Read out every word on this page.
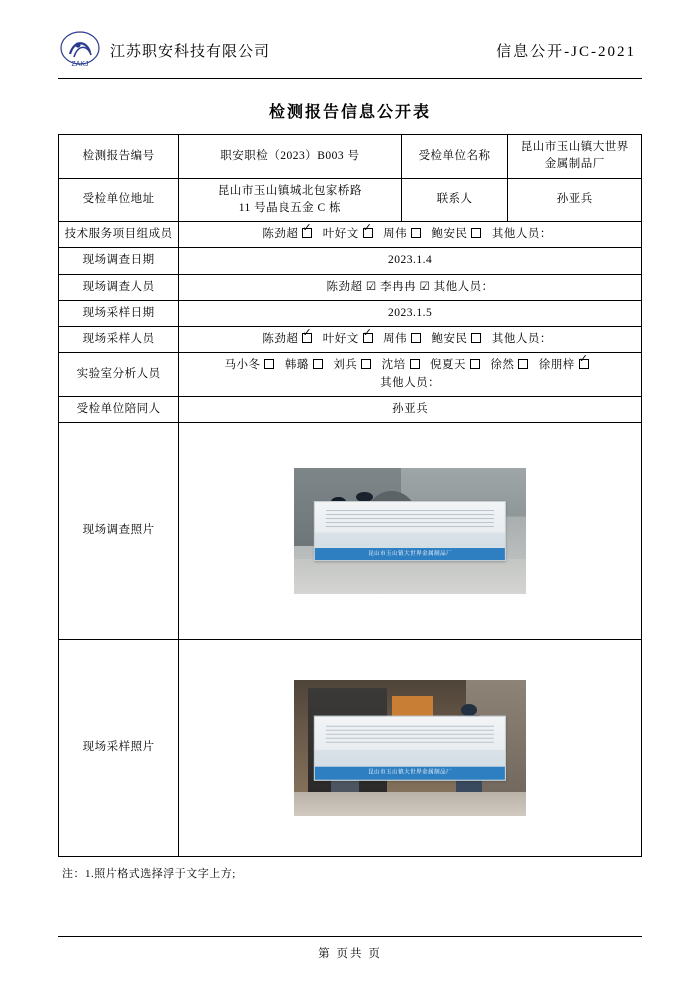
ZAKJ
江苏职安科技有限公司	信息公开-JC-2021
检测报告信息公开表
检测报告编号	职安职检（2023）B003 号	受检单位名称	昆山市玉山镇大世界
金属制品厂

受检单位地址	昆山市玉山镇城北包家桥路
11 号晶良五金 C 栋	联系人	孙亚兵
技术服务项目组成员	陈劲超 ✓ 叶好文 ✓ 周伟 鲍安民 其他人员：
现场调查日期	2023.1.4		
现场调查人员	陈劲超 ☑ 李冉冉 ☑ 其他人员：		
现场采样日期	2023.1.5		
现场采样人员	陈劲超 ✓ 叶好文 ✓ 周伟 鲍安民 其他人员：
实验室分析人员	马小冬 韩璐 刘兵 沈培 倪夏天 徐然 徐朋梓✓
其他人员：

受检单位陪同人	孙亚兵		
现场调查照片	昆山市玉山镇大世界金属制品厂		

现场采样照片	昆山市玉山镇大世界金属制品厂		
注：1.照片格式选择浮于文字上方;
第 页共 页
